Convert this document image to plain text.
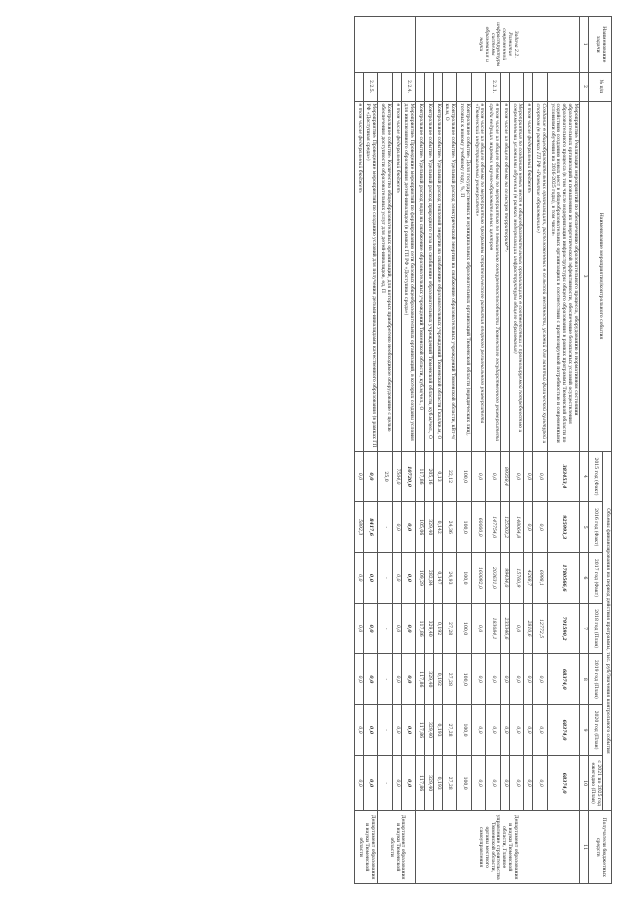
Наименование задачи	№ п/п	Наименование мероприятия/контрольного события	Объемы финансирования на период действия программы, тыс. руб/Значения контрольного события							Получатели бюджетных средств
			2015 год (Факт)	2016 год (Факт)	2017 год (Факт)	2018 год (План)	2019 год (План)	2020 год (План)	с 2021 по 2025 год ежегодно (План)	
1	2	3	4	5	6	7	8	9	10	11
Задача 2.2. Развитие современной инфраструктуры системы образования и науки		Мероприятие: Реализация мероприятий по обеспечению образовательного процесса, оборудованию в нормативном состоянии образовательных организаций и повышению их энергетической эффективности, обеспечение безопасных условий осуществления образовательного процесса (в том числе модернизация инфраструктуры общего образования в рамках программы Тюменской области по содействию созданию новых мест в общеобразовательных организациях в соответствии с прогнозируемой потребностью и современными условиями обучения на 2016-2025 годы), в том числе:	383453,4	925993,3	1780566,6	791590,2	68374,0	68374,0	68374,0	Департамент образования и науки Тюменской области, Главное управление строительства Тюменской области, органы местного самоуправления
		Создание в общеобразовательных организациях, расположенных в сельской местности, условий для занятий физической культурой и спортом (в рамках ГП РФ «Развитие образования»)	0,0	0,0	6998,1	12772,5	0,0	0,0	0,0	
		в том числе федеральный бюджет:	0,0	0,0	4268,7	2810,6	0,0	0,0	0,0	
		Мероприятия по созданию новых мест в общеобразовательных организациях в соответствии с прогнозируемой потребностью и современными условиями обучения (в рамках модернизации инфраструктуры общего образования)	0,0	148064,8	15760,9	0,0	0,0	0,0	0,0	
		в том числе из общего объема на сельскую территорию**:	89358,4	125303,2	99434,0	233346,6	0,0	0,0	0,0	
	2.2.1.	в том числе из общего объема по мероприятию по повышению конкурентоспособности Тюменского государственного университета среди ведущих мировых научно-образовательных центров	0,0	147754,0	203631,0	183084,1	0,0	0,0	0,0	
		в том числе из общего объема по мероприятию программы стратегического развития опорного регионального университета «Тюменский индустриальный университет»	0,0	60000,0	160092,0	0,0	0,0	0,0	0,0	
		Контрольное событие: Доля государственных и муниципальных образовательных организаций Тюменской области (юридических лиц), готовых к новому учебному году, %, П	100,0	100,0	100,0	100,0	100,0	100,0	100,0	
		Контрольное событие: Удельный расход электрической энергии на снабжение образовательных учреждений Тюменской области, кВт·ч/кв.м, О	22,12	24,36	24,93	27,28	27,28	27,28	27,28	
		Контрольное событие: Удельный расход тепловой энергии на снабжение образовательных учреждений Тюменской области Гкал/кв.м, О	0,13	0,142	0,147	0,192	0,192	0,193	0,193	
		Контрольное событие: Удельный расход природного газа на снабжение образовательных учреждений Тюменской области, куб.м/чел., О	205,16	329,40	282,84	329,40	329,40	329,40	329,40	
		Контрольное событие: Удельный расход воды на снабжение образовательных учреждений Тюменской области, куб.м/чел., О	117,86	105,06	109,29	117,86	117,86	117,86	117,86	
	2.2.4.	Мероприятие: Проведение мероприятий по формированию сети базовых общеобразовательных организаций, в которых созданы условия для инклюзивного образования детей-инвалидов (в рамках ГП РФ «Доступная среда»)	10720,0	0,0	0,0	0,0	0,0	0,0	0,0	Департамент образования и науки Тюменской области
		в том числе федеральный бюджет:	7504,0	0,0	0,0	0,0	0,0	0,0	0,0	
		Контрольное событие: Количество общеобразовательных организаций, для которых приобретено необходимое оборудование с целью обеспечения доступности образовательных услуг для детей-инвалидов, ед, П	25,0	-	-	-	-	-	-	
	2.2.5.	Мероприятие: Проведение мероприятий по созданию условий для получения детьми-инвалидами качественного образования (в рамках ГП РФ «Доступная среда»)	0,0	8417,6	0,0	0,0	0,0	0,0	0,0	Департамент образования и науки Тюменской области
		в том числе федеральный бюджет:	0,0	5892,3	0,0	0,0	0,0	0,0	0,0	
